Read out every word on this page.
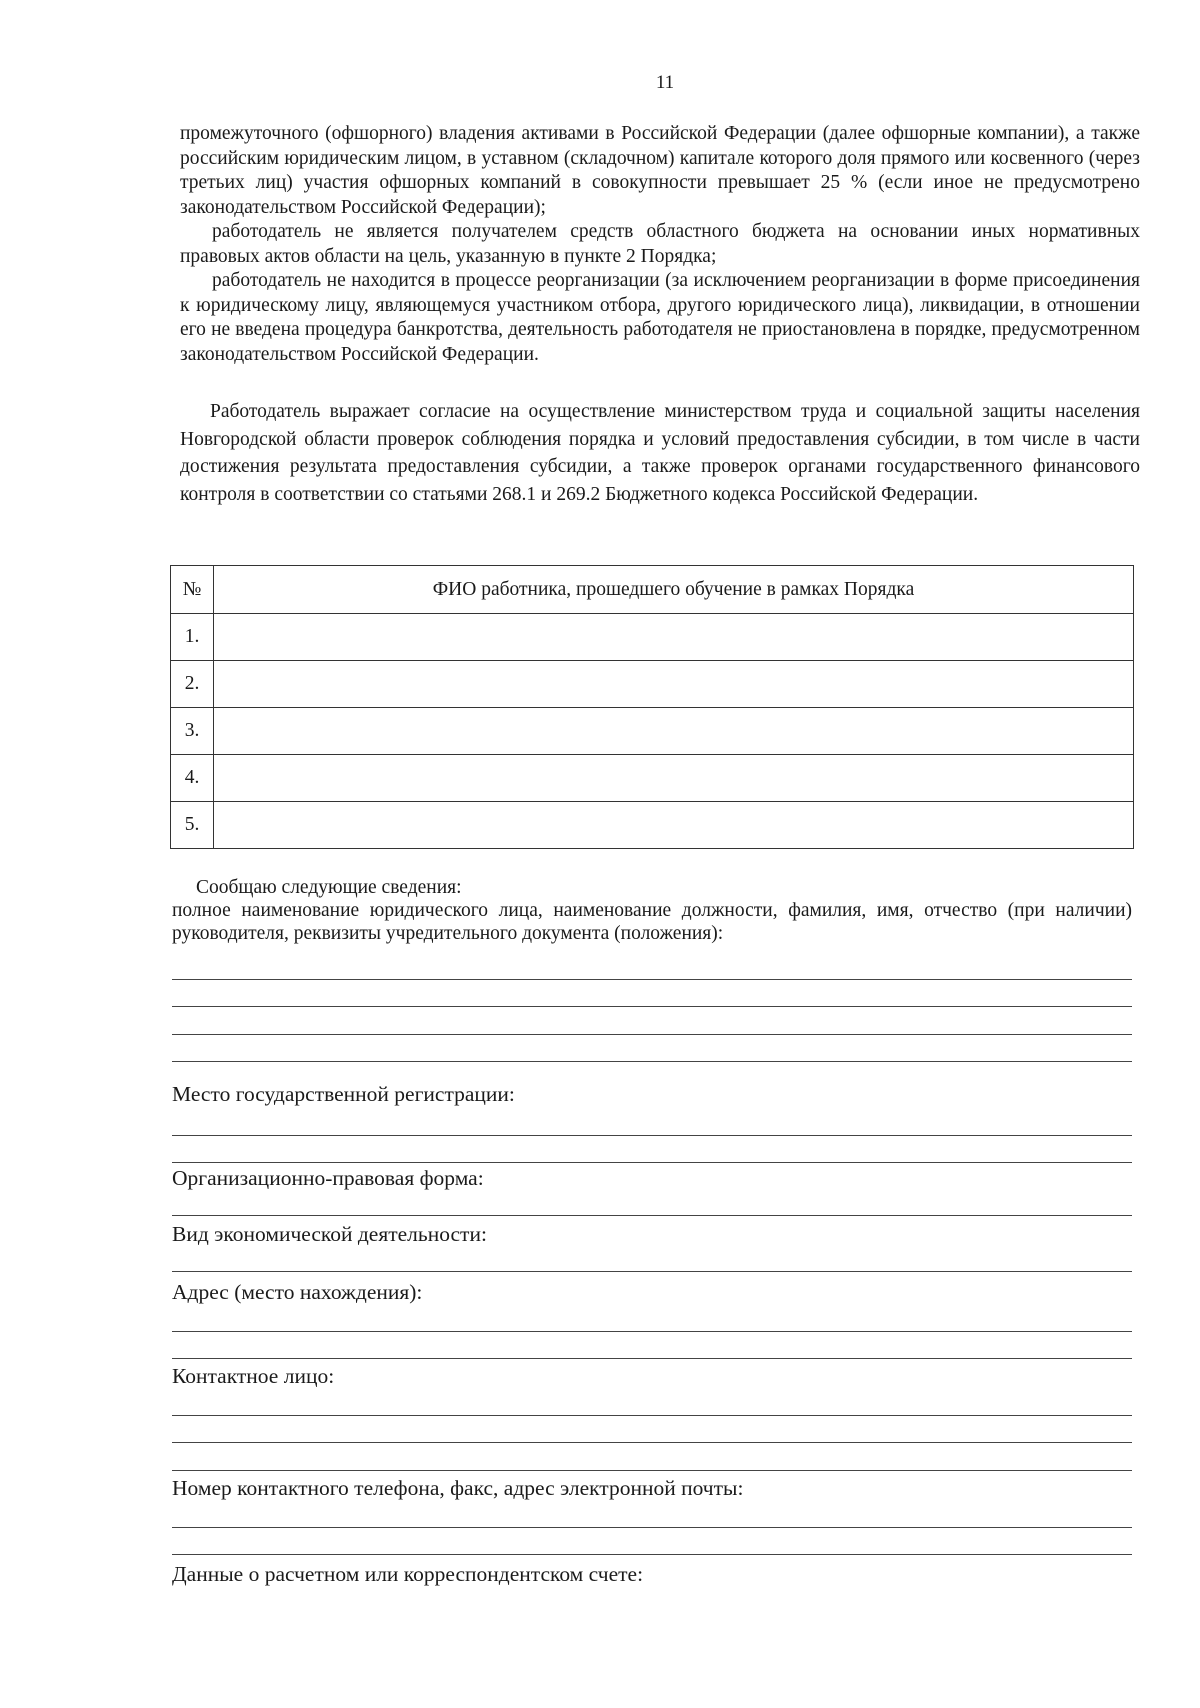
11

промежуточного (офшорного) владения активами в Российской Федерации (далее офшорные компании), а также российским юридическим лицом, в уставном (складочном) капитале которого доля прямого или косвенного (через третьих лиц) участия офшорных компаний в совокупности превышает 25 % (если иное не предусмотрено законодательством Российской Федерации);

работодатель не является получателем средств областного бюджета на основании иных нормативных правовых актов области на цель, указанную в пункте 2 Порядка;

работодатель не находится в процессе реорганизации (за исключением реорганизации в форме присоединения к юридическому лицу, являющемуся участником отбора, другого юридического лица), ликвидации, в отношении его не введена процедура банкротства, деятельность работодателя не приостановлена в порядке, предусмотренном законодательством Российской Федерации.

Работодатель выражает согласие на осуществление министерством труда и социальной защиты населения Новгородской области проверок соблюдения порядка и условий предоставления субсидии, в том числе в части достижения результата предоставления субсидии, а также проверок органами государственного финансового контроля в соответствии со статьями 268.1 и 269.2 Бюджетного кодекса Российской Федерации.

№	ФИО работника, прошедшего обучение в рамках Порядка
1.	
2.	
3.	
4.	
5.	
Сообщаю следующие сведения:
полное наименование юридического лица, наименование должности, фамилия, имя, отчество (при наличии) руководителя, реквизиты учредительного документа (положения):
Место государственной регистрации:
Организационно-правовая форма:
Вид экономической деятельности:
Адрес (место нахождения):
Контактное лицо:
Номер контактного телефона, факс, адрес электронной почты:
Данные о расчетном или корреспондентском счете:
